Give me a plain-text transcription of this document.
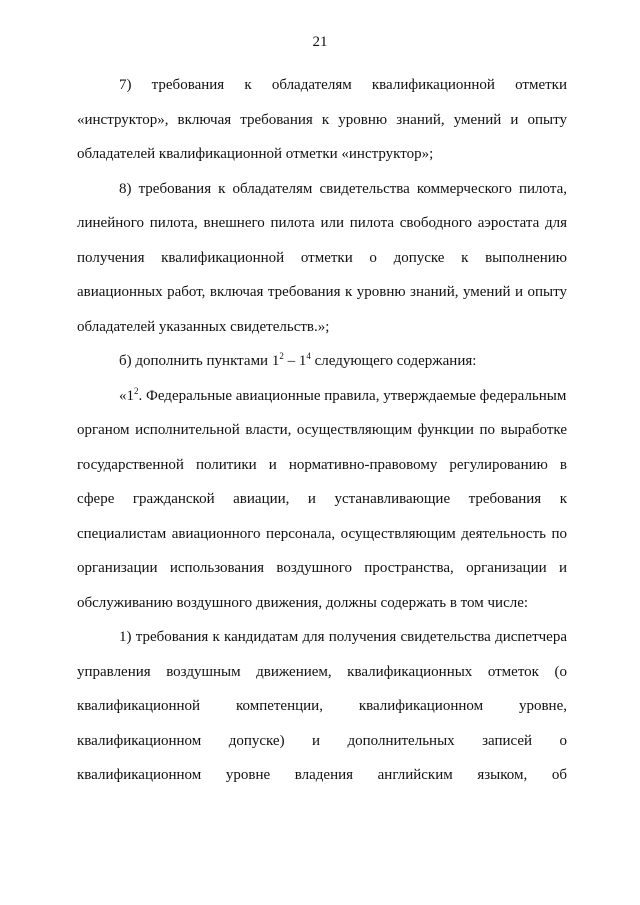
21
7) требования к обладателям квалификационной отметки
«инструктор», включая требования к уровню знаний, умений и опыту
обладателей квалификационной отметки «инструктор»;
8) требования к обладателям свидетельства коммерческого пилота,
линейного пилота, внешнего пилота или пилота свободного аэростата для
получения квалификационной отметки о допуске к выполнению
авиационных работ, включая требования к уровню знаний, умений и опыту
обладателей указанных свидетельств.»;
б) дополнить пунктами $1^2 - 1^4$ следующего содержания:
«$1^2$. Федеральные авиационные правила, утверждаемые федеральным
органом исполнительной власти, осуществляющим функции по выработке
государственной политики и нормативно-правовому регулированию в
сфере гражданской авиации, и устанавливающие требования к
специалистам авиационного персонала, осуществляющим деятельность по
организации использования воздушного пространства, организации и
обслуживанию воздушного движения, должны содержать в том числе:
1) требования к кандидатам для получения свидетельства диспетчера
управления воздушным движением, квалификационных отметок (о
квалификационной компетенции, квалификационном уровне,
квалификационном допуске) и дополнительных записей о
квалификационном уровне владения английским языком, об
